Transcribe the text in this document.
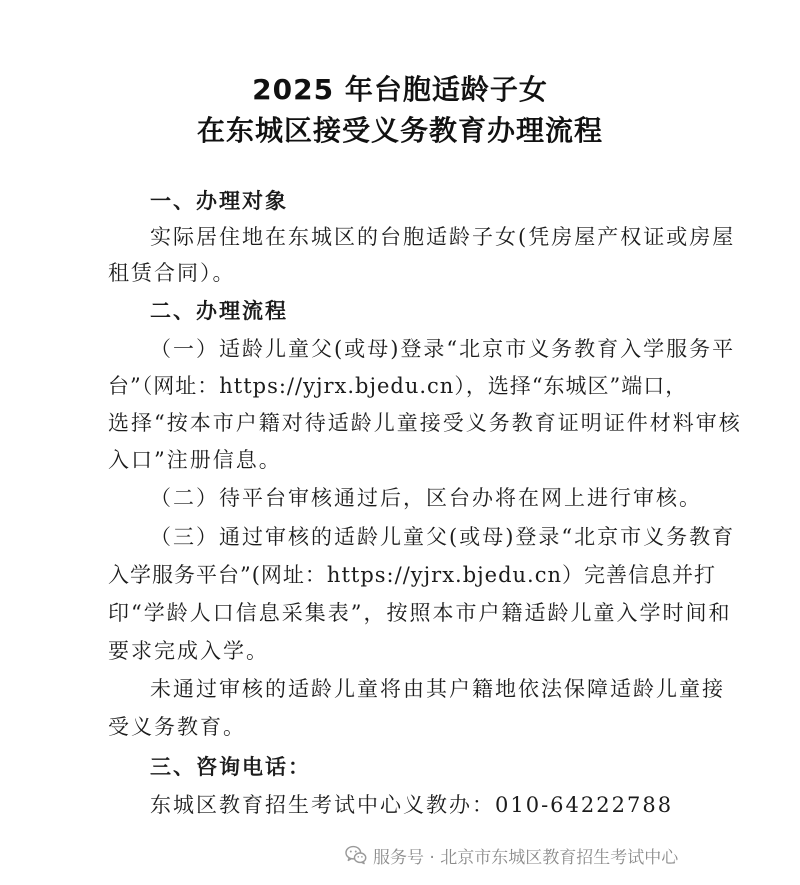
2025 年台胞适龄子女
在东城区接受义务教育办理流程
一、办理对象
实际居住地在东城区的台胞适龄子女(凭房屋产权证或房屋
租赁合同）。
二、办理流程
（一）适龄儿童父(或母)登录“北京市义务教育入学服务平
台”（网址：https://yjrx.bjedu.cn），选择“东城区”端口，
选择“按本市户籍对待适龄儿童接受义务教育证明证件材料审核
入口”注册信息。
（二）待平台审核通过后，区台办将在网上进行审核。
（三）通过审核的适龄儿童父(或母)登录“北京市义务教育
入学服务平台”(网址：https://yjrx.bjedu.cn）完善信息并打
印“学龄人口信息采集表”，按照本市户籍适龄儿童入学时间和
要求完成入学。
未通过审核的适龄儿童将由其户籍地依法保障适龄儿童接
受义务教育。
三、咨询电话：
东城区教育招生考试中心义教办：010-64222788
服务号 · 北京市东城区教育招生考试中心
